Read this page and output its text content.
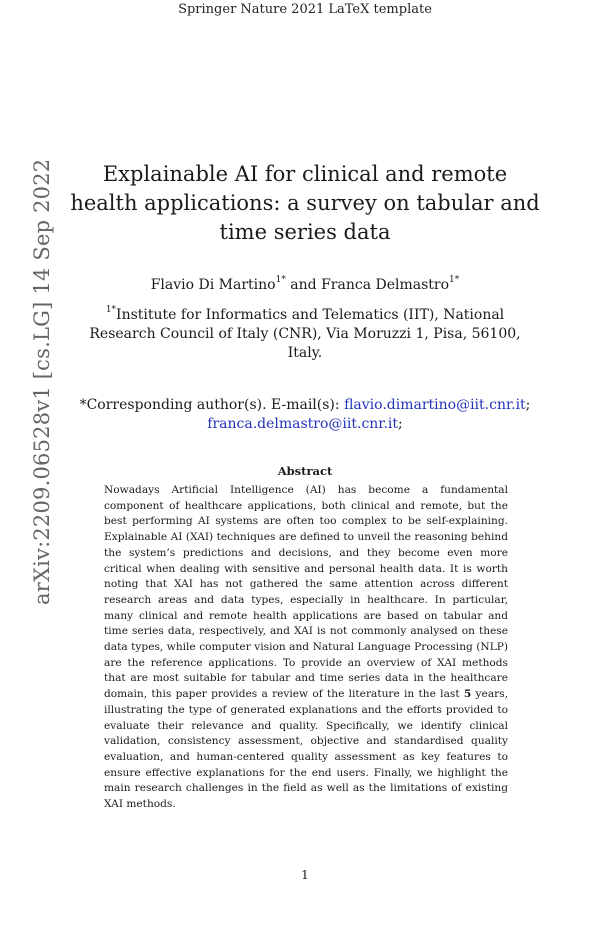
Springer Nature 2021 LaTeX template
arXiv:2209.06528v1 [cs.LG] 14 Sep 2022	Explainable AI for clinical and remote health applications: a survey on tabular and time series data
Flavio Di Martino$^{1*}$ and Franca Delmastro$^{1*}$
$^{1*}$Institute for Informatics and Telematics (IIT), National Research Council of Italy (CNR), Via Moruzzi 1, Pisa, 56100, Italy.
*Corresponding author(s). E-mail(s): flavio.dimartino@iit.cnr.it; franca.delmastro@iit.cnr.it;
Abstract
Nowadays Artificial Intelligence (AI) has become a fundamental component of healthcare applications, both clinical and remote, but the best performing AI systems are often too complex to be self-explaining. Explainable AI (XAI) techniques are defined to unveil the reasoning behind the system’s predictions and decisions, and they become even more critical when dealing with sensitive and personal health data. It is worth noting that XAI has not gathered the same attention across different research areas and data types, especially in healthcare. In particular, many clinical and remote health applications are based on tabular and time series data, respectively, and XAI is not commonly analysed on these data types, while computer vision and Natural Language Processing (NLP) are the reference applications. To provide an overview of XAI methods that are most suitable for tabular and time series data in the healthcare domain, this paper provides a review of the literature in the last 5 years, illustrating the type of generated explanations and the efforts provided to evaluate their relevance and quality. Specifically, we identify clinical validation, consistency assessment, objective and standardised quality evaluation, and human-centered quality assessment as key features to ensure effective explanations for the end users. Finally, we highlight the main research challenges in the field as well as the limitations of existing XAI methods.
1
